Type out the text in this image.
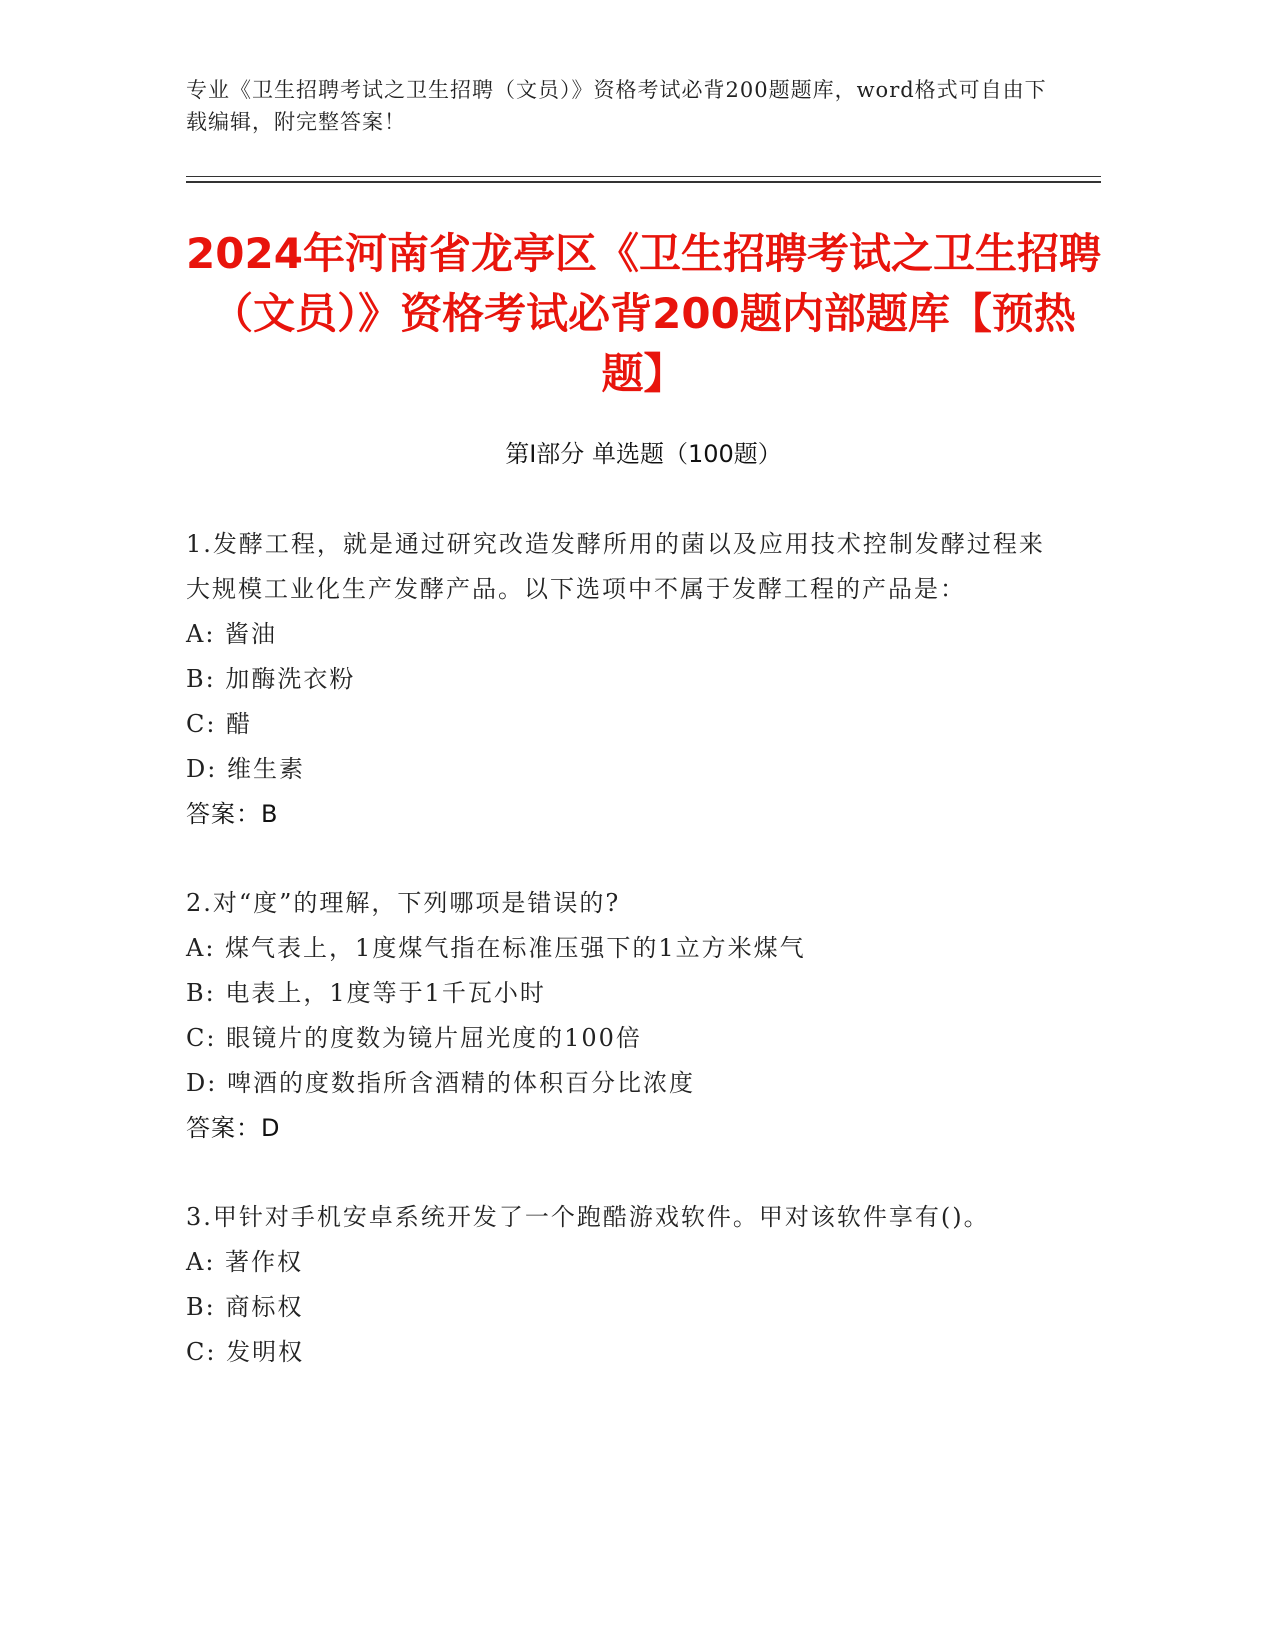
专业《卫生招聘考试之卫生招聘（文员）》资格考试必背200题题库，word格式可自由下载编辑，附完整答案！
2024年河南省龙亭区《卫生招聘考试之卫生招聘（文员）》资格考试必背200题内部题库【预热题】
第Ⅰ部分 单选题（100题）
1.发酵工程，就是通过研究改造发酵所用的菌以及应用技术控制发酵过程来大规模工业化生产发酵产品。以下选项中不属于发酵工程的产品是：
A: 酱油
B: 加酶洗衣粉
C: 醋
D: 维生素
答案：B
2.对“度”的理解，下列哪项是错误的?
A: 煤气表上，1度煤气指在标准压强下的1立方米煤气
B: 电表上，1度等于1千瓦小时
C: 眼镜片的度数为镜片屈光度的100倍
D: 啤酒的度数指所含酒精的体积百分比浓度
答案：D
3.甲针对手机安卓系统开发了一个跑酷游戏软件。甲对该软件享有()。
A: 著作权
B: 商标权
C: 发明权
